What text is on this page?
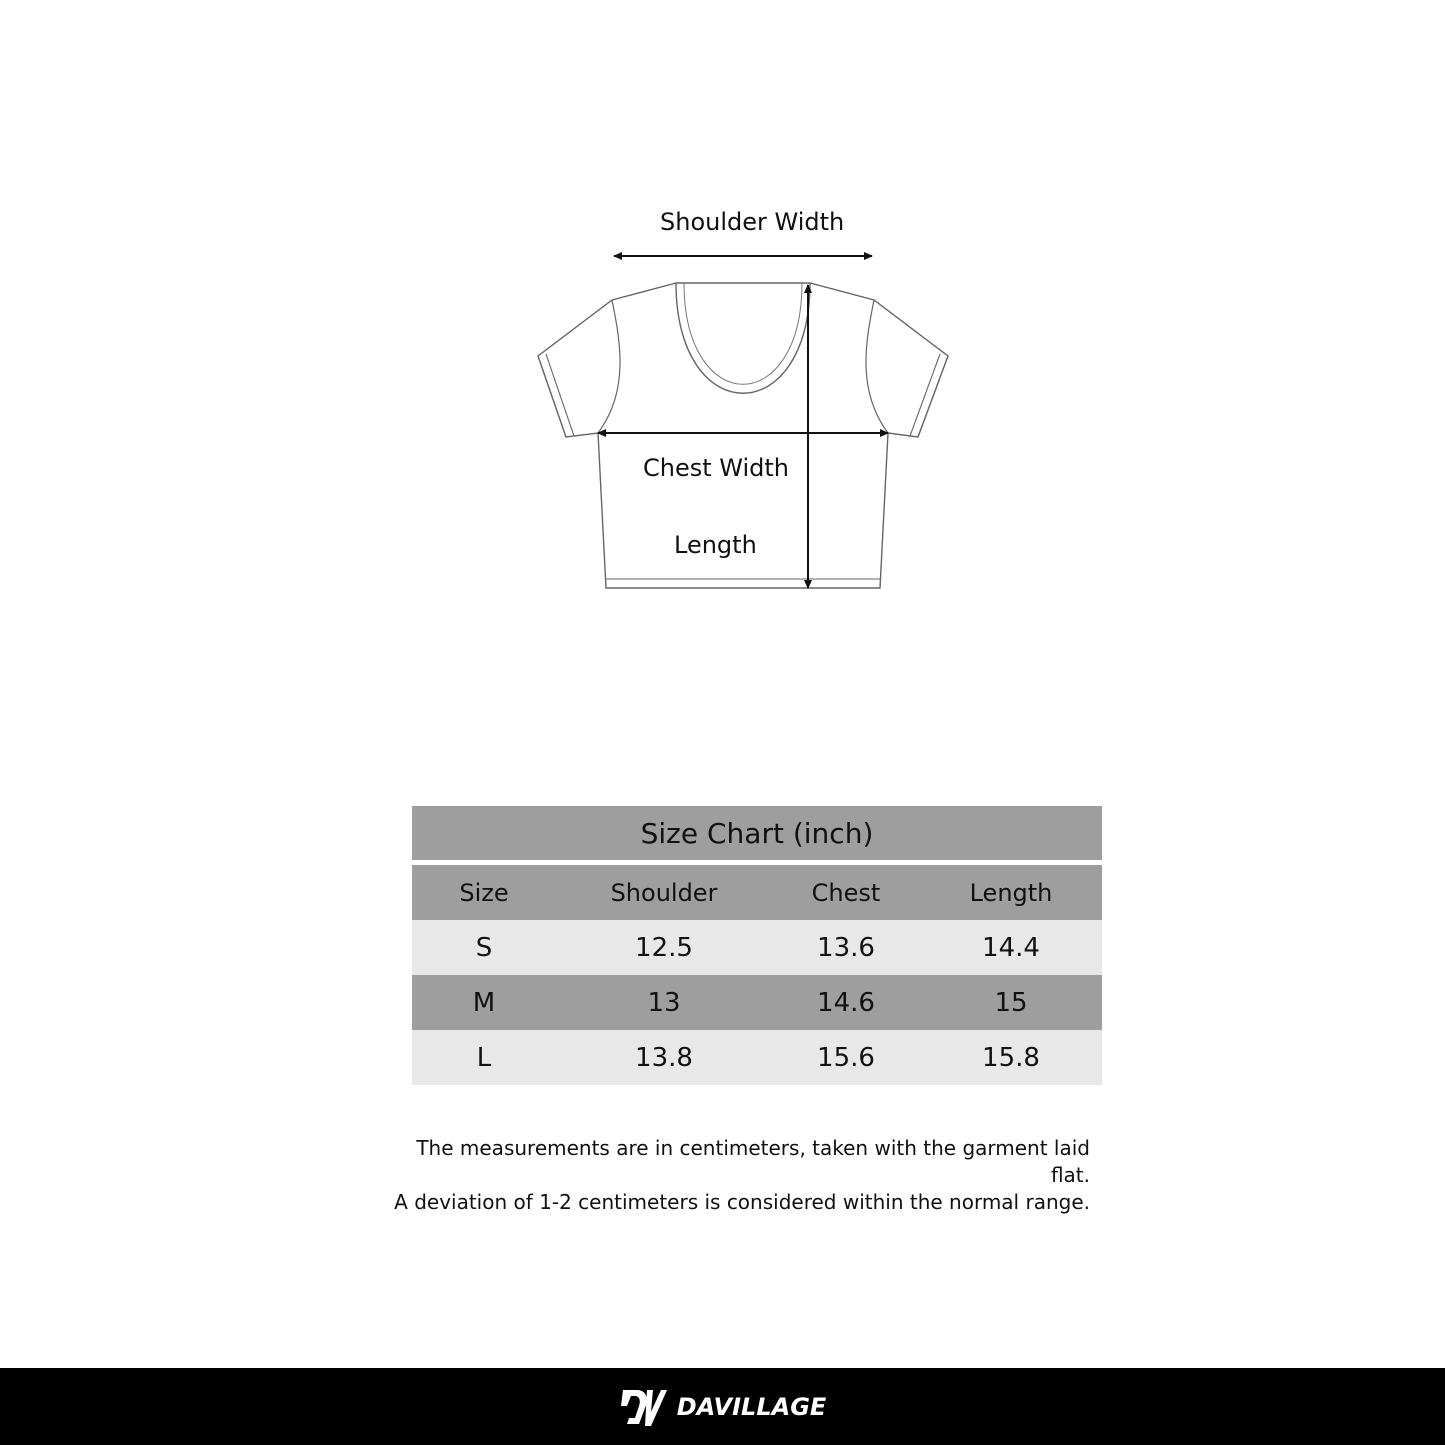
Shoulder Width
Chest Width
Length
Size Chart (inch)
Size	Shoulder	Chest	Length
S	12.5	13.6	14.4
M	13	14.6	15
L	13.8	15.6	15.8
The measurements are in centimeters, taken with the garment laid flat.
A deviation of 1-2 centimeters is considered within the normal range.
DAVILLAGE
